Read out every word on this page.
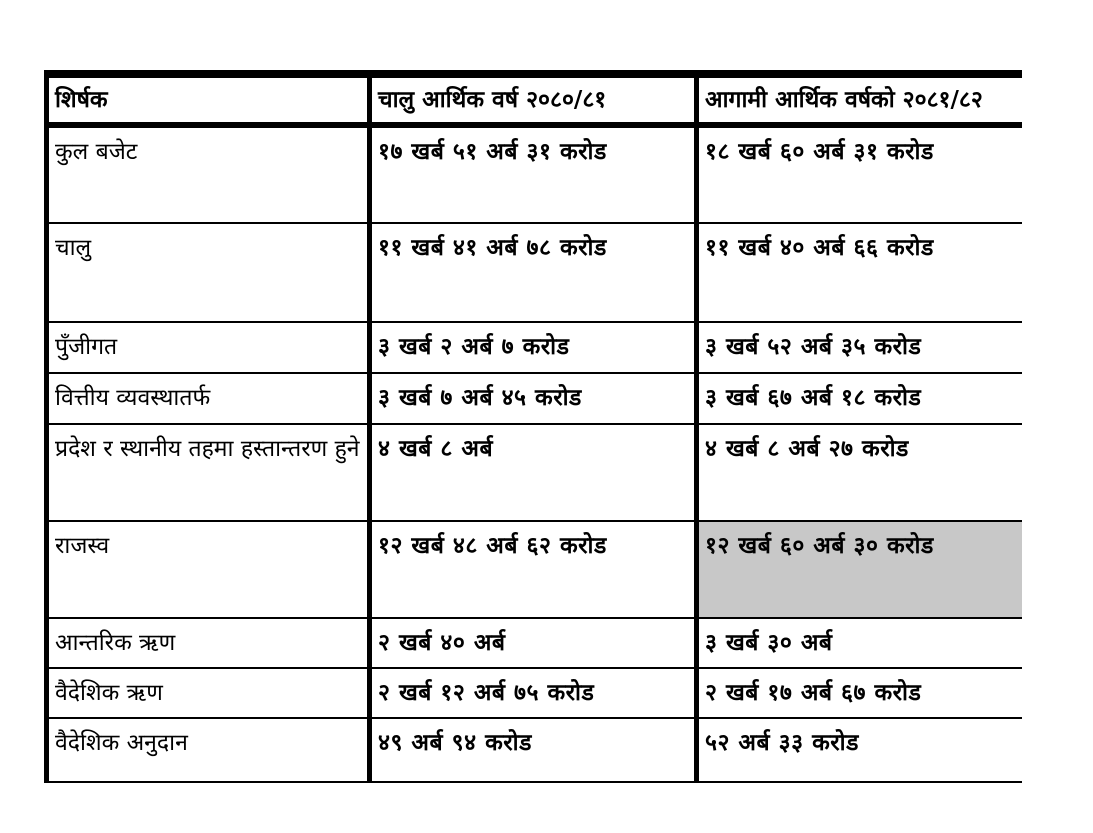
शिर्षक	चालु आर्थिक वर्ष २०८०/८१	आगामी आर्थिक वर्षको २०८१/८२
कुल बजेट	१७ खर्ब ५१ अर्ब ३१ करोड	१८ खर्ब ६० अर्ब ३१ करोड
चालु	११ खर्ब ४१ अर्ब ७८ करोड	११ खर्ब ४० अर्ब ६६ करोड
पुँजीगत	३ खर्ब २ अर्ब ७ करोड	३ खर्ब ५२ अर्ब ३५ करोड
वित्तीय व्यवस्थातर्फ	३ खर्ब ७ अर्ब ४५ करोड	३ खर्ब ६७ अर्ब १८ करोड
प्रदेश र स्थानीय तहमा हस्तान्तरण हुने	४ खर्ब ८ अर्ब	४ खर्ब ८ अर्ब २७ करोड
राजस्व	१२ खर्ब ४८ अर्ब ६२ करोड	१२ खर्ब ६० अर्ब ३० करोड
आन्तरिक ऋण	२ खर्ब ४० अर्ब	३ खर्ब ३० अर्ब
वैदेशिक ऋण	२ खर्ब १२ अर्ब ७५ करोड	२ खर्ब १७ अर्ब ६७ करोड
वैदेशिक अनुदान	४९ अर्ब ९४ करोड	५२ अर्ब ३३ करोड
